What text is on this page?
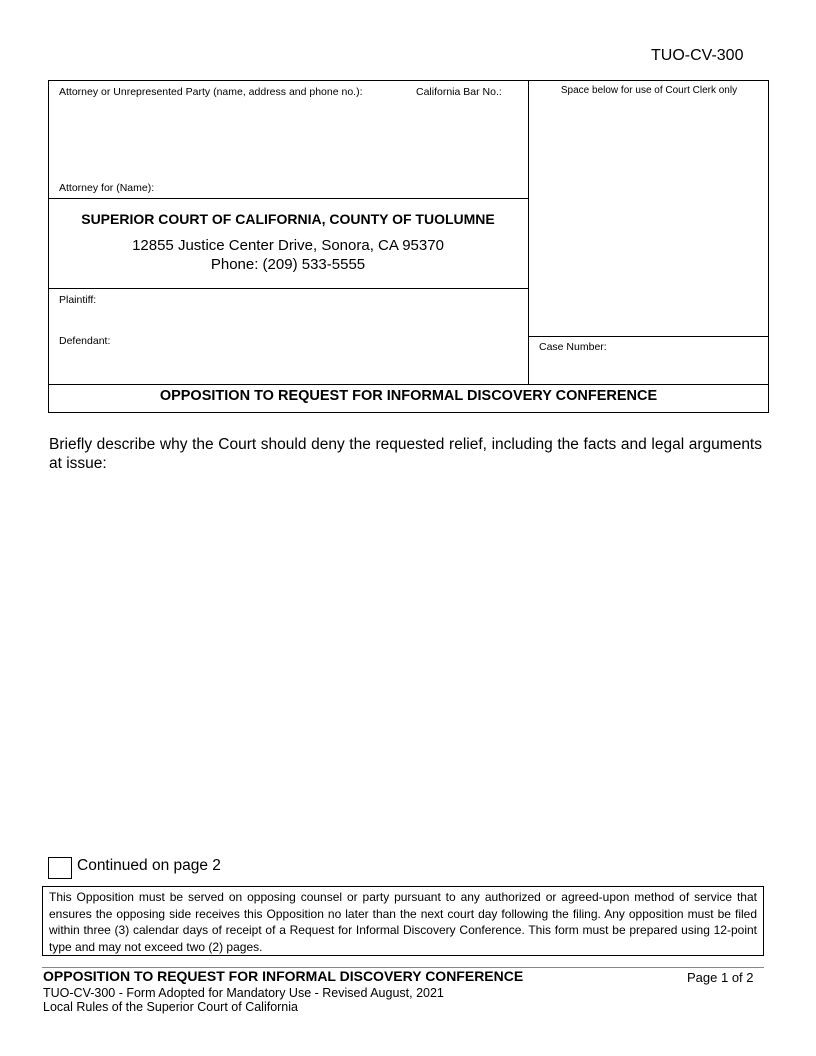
TUO-CV-300
Attorney or Unrepresented Party (name, address and phone no.):	California Bar No.:
Attorney for (Name):
Space below for use of Court Clerk only
SUPERIOR COURT OF CALIFORNIA, COUNTY OF TUOLUMNE
12855 Justice Center Drive, Sonora, CA 95370
Phone: (209) 533-5555
Plaintiff:
Defendant:	Case Number:
OPPOSITION TO REQUEST FOR INFORMAL DISCOVERY CONFERENCE
Briefly describe why the Court should deny the requested relief, including the facts and legal arguments at issue:
Continued on page 2
This Opposition must be served on opposing counsel or party pursuant to any authorized or agreed-upon method of service that ensures the opposing side receives this Opposition no later than the next court day following the filing. Any opposition must be filed within three (3) calendar days of receipt of a Request for Informal Discovery Conference. This form must be prepared using 12-point type and may not exceed two (2) pages.
OPPOSITION TO REQUEST FOR INFORMAL DISCOVERY CONFERENCE	Page 1 of 2
TUO-CV-300 - Form Adopted for Mandatory Use - Revised August, 2021
Local Rules of the Superior Court of California
